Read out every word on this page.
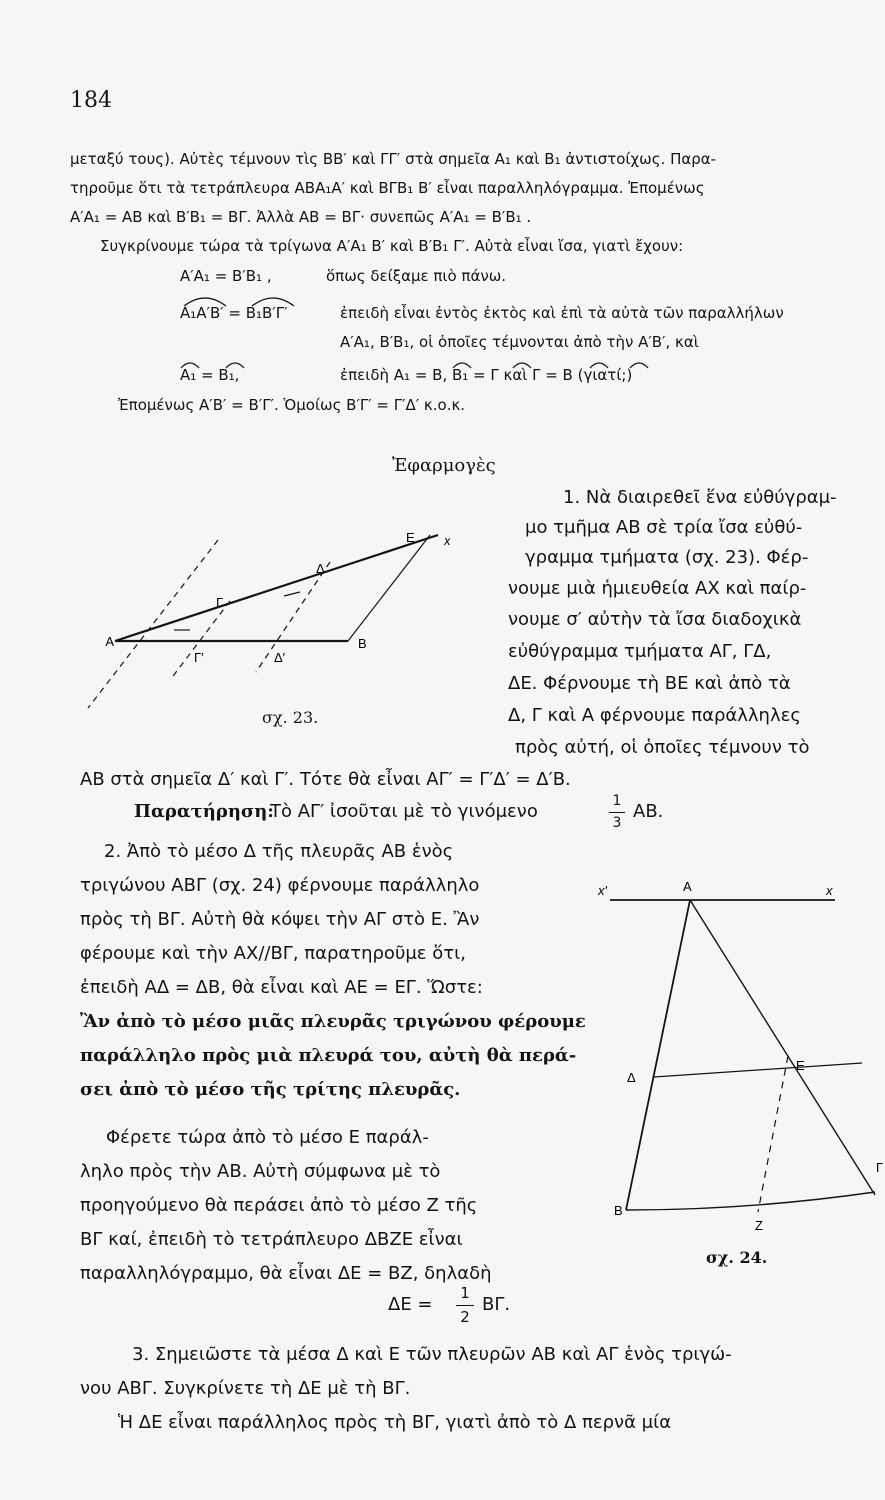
184
μεταξύ τους). Αὐτὲς τέμνουν τὶς ΒΒ′ καὶ ΓΓ′ στὰ σημεῖα Α₁ καὶ Β₁ ἀντιστοίχως. Παρα-
τηροῦμε ὅτι τὰ τετράπλευρα ΑΒΑ₁Α′ καὶ ΒΓΒ₁ Β′ εἶναι παραλληλόγραμμα. Ἐπομένως
Α′Α₁ = ΑΒ καὶ Β′Β₁ = ΒΓ. Ἀλλὰ ΑΒ = ΒΓ· συνεπῶς Α′Α₁ = Β′Β₁ .
Συγκρίνουμε τώρα τὰ τρίγωνα Α′Α₁ Β′ καὶ Β′Β₁ Γ′. Αὐτὰ εἶναι ἴσα, γιατὶ ἔχουν:
Α′Α₁ = Β′Β₁ ,	ὅπως δείξαμε πιὸ πάνω.
Α₁Α′Β′ = Β₁Β′Γ′	ἐπειδὴ εἶναι ἐντὸς ἐκτὸς καὶ ἐπὶ τὰ αὐτὰ τῶν παραλλήλων
Α′Α₁, Β′Β₁, οἱ ὁποῖες τέμνονται ἀπὸ τὴν Α′Β′, καὶ
Α₁ = Β₁,	ἐπειδὴ Α₁ = Β, Β₁ = Γ καὶ Γ = Β (γιατί;)
Ἐπομένως Α′Β′ = Β′Γ′. Ὁμοίως Β′Γ′ = Γ′Δ′ κ.ο.κ.
Ἐφαρμογὲς
Α
Γ′	Δ′
Β
Γ
Δ
Ε x
σχ. 23.
1. Νὰ διαιρεθεῖ ἕνα εὐθύγραμ-
μο τμῆμα ΑΒ σὲ τρία ἴσα εὐθύ-
γραμμα τμήματα (σχ. 23). Φέρ-
νουμε μιὰ ἡμιευθεία ΑΧ καὶ παίρ-
νουμε σ′ αὐτὴν τὰ ἴσα διαδοχικὰ
εὐθύγραμμα τμήματα ΑΓ, ΓΔ,
ΔΕ. Φέρνουμε τὴ ΒΕ καὶ ἀπὸ τὰ
Δ, Γ καὶ Α φέρνουμε παράλληλες
πρὸς αὐτή, οἱ ὁποῖες τέμνουν τὸ
ΑΒ στὰ σημεῖα Δ′ καὶ Γ′. Τότε θὰ εἶναι ΑΓ′ = Γ′Δ′ = Δ′Β.
Παρατήρηση:
Τὸ ΑΓ′ ἰσοῦται μὲ τὸ γινόμενο	1
3
ΑΒ.
2. Ἀπὸ τὸ μέσο Δ τῆς πλευρᾶς ΑΒ ἑνὸς
τριγώνου ΑΒΓ (σχ. 24) φέρνουμε παράλληλο
πρὸς τὴ ΒΓ. Αὐτὴ θὰ κόψει τὴν ΑΓ στὸ Ε. Ἂν
φέρουμε καὶ τὴν ΑΧ//ΒΓ, παρατηροῦμε ὅτι,
ἐπειδὴ ΑΔ = ΔΒ, θὰ εἶναι καὶ ΑΕ = ΕΓ. Ὥστε:
Ἂν ἀπὸ τὸ μέσο μιᾶς πλευρᾶς τριγώνου φέρουμε
παράλληλο πρὸς μιὰ πλευρά του, αὐτὴ θὰ περά-
σει ἀπὸ τὸ μέσο τῆς τρίτης πλευρᾶς.
Φέρετε τώρα ἀπὸ τὸ μέσο Ε παράλ-
ληλο πρὸς τὴν ΑΒ. Αὐτὴ σύμφωνα μὲ τὸ
προηγούμενο θὰ περάσει ἀπὸ τὸ μέσο Ζ τῆς
ΒΓ καί, ἐπειδὴ τὸ τετράπλευρο ΔΒΖΕ εἶναι
παραλληλόγραμμο, θὰ εἶναι ΔΕ = ΒΖ, δηλαδὴ
ΔΕ =
1
2
ΒΓ.
x′	Α	x
Δ
Ε
Β
Ζ
Γ
σχ. 24.
3. Σημειῶστε τὰ μέσα Δ καὶ Ε τῶν πλευρῶν ΑΒ καὶ ΑΓ ἑνὸς τριγώ-
νου ΑΒΓ. Συγκρίνετε τὴ ΔΕ μὲ τὴ ΒΓ.
Ἡ ΔΕ εἶναι παράλληλος πρὸς τὴ ΒΓ, γιατὶ ἀπὸ τὸ Δ περνᾶ μία
